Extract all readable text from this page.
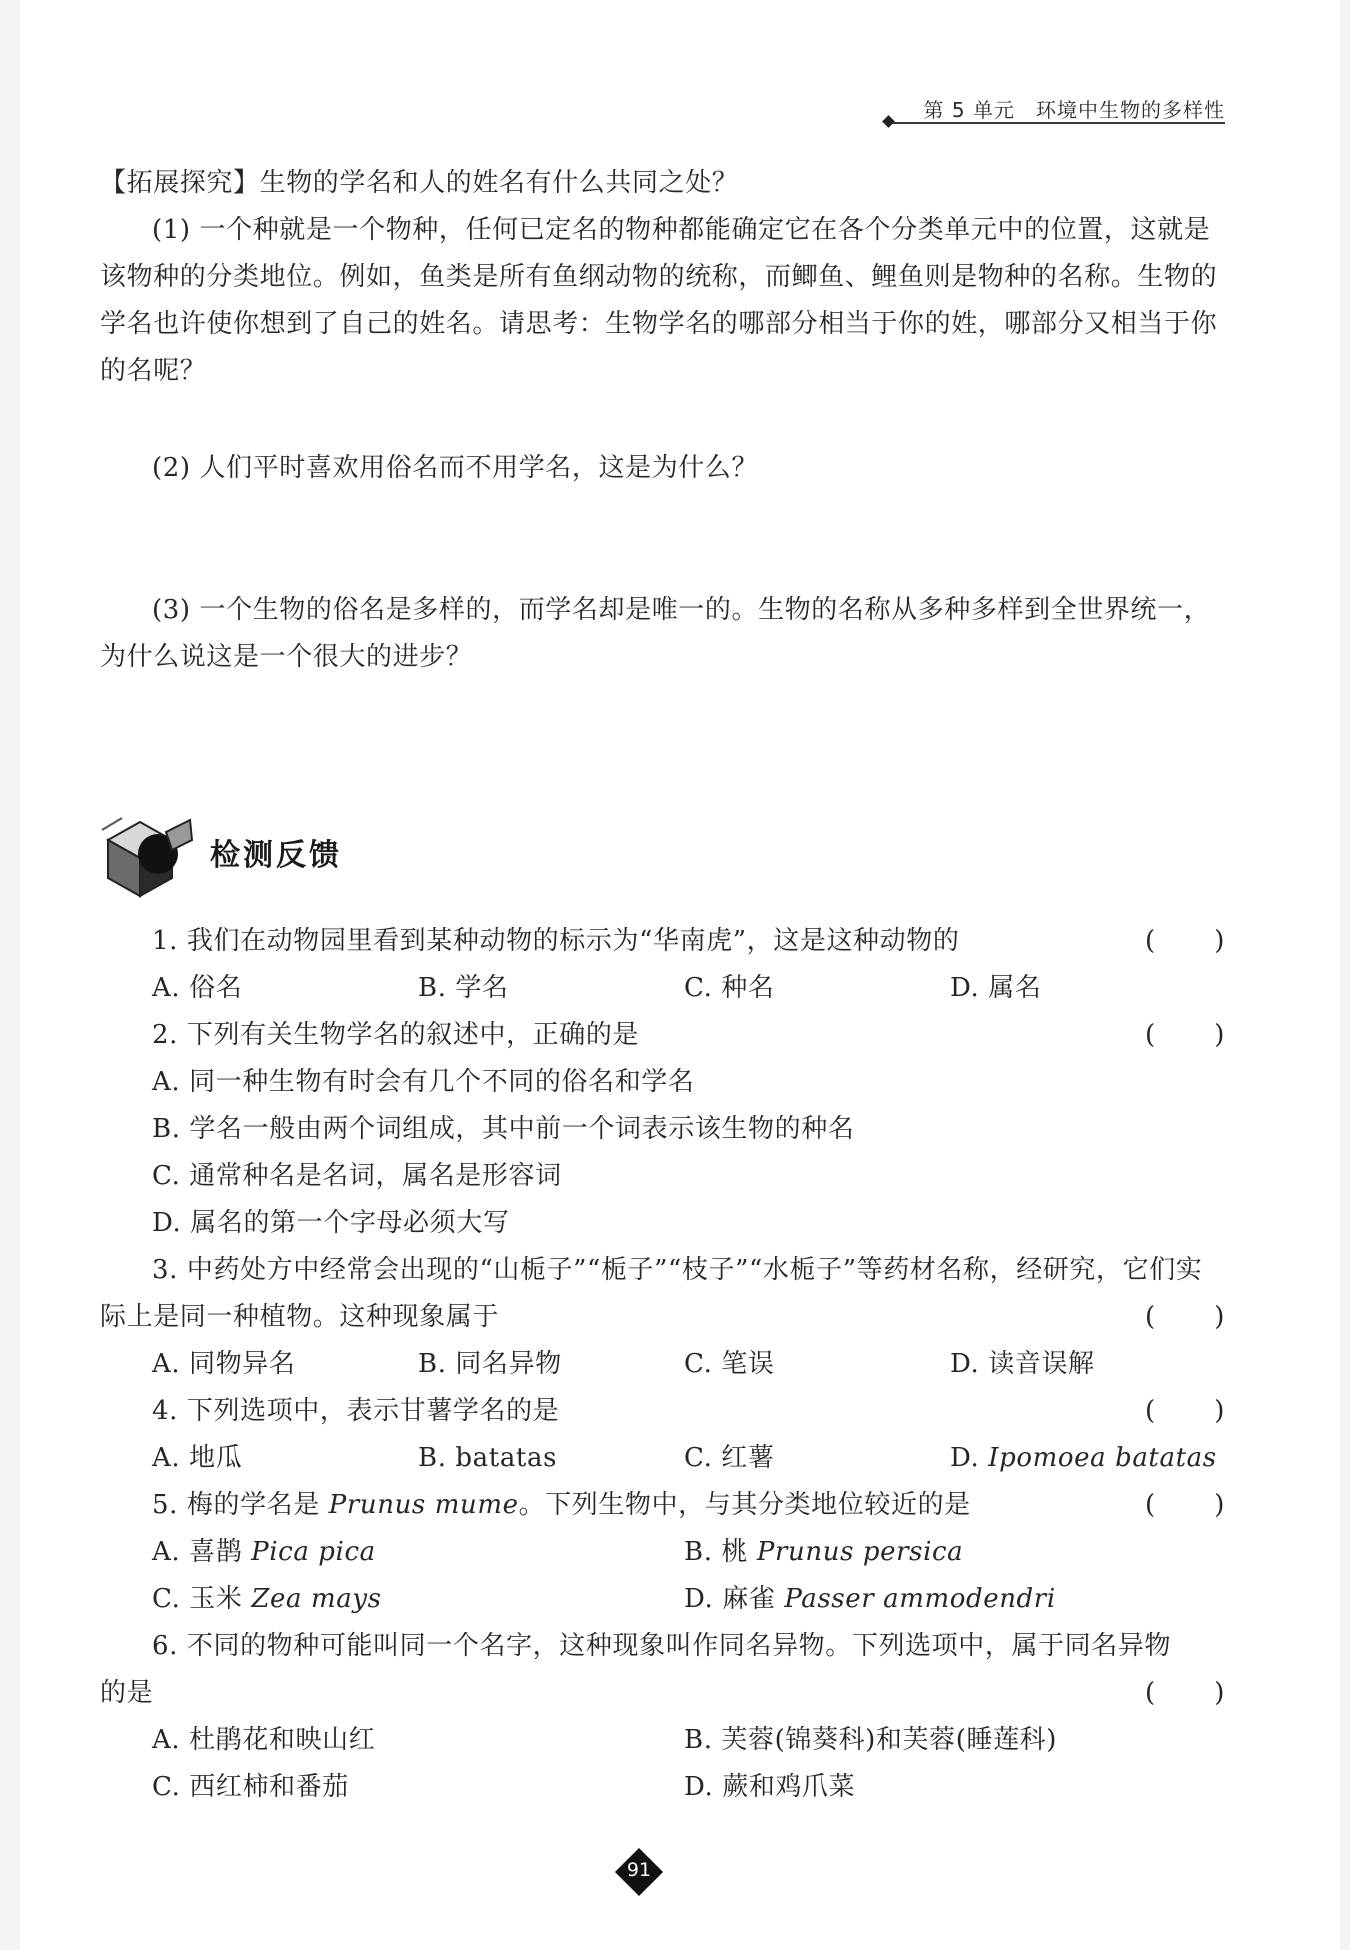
第 5 单元　环境中生物的多样性

【拓展探究】生物的学名和人的姓名有什么共同之处？

(1) 一个种就是一个物种，任何已定名的物种都能确定它在各个分类单元中的位置，这就是该物种的分类地位。例如，鱼类是所有鱼纲动物的统称，而鲫鱼、鲤鱼则是物种的名称。生物的学名也许使你想到了自己的姓名。请思考：生物学名的哪部分相当于你的姓，哪部分又相当于你的名呢？

(2) 人们平时喜欢用俗名而不用学名，这是为什么？

(3) 一个生物的俗名是多样的，而学名却是唯一的。生物的名称从多种多样到全世界统一，为什么说这是一个很大的进步？

检测反馈
1. 我们在动物园里看到某种动物的标示为“华南虎”，这是这种动物的	( )
A. 俗名	B. 学名	C. 种名	D. 属名
2. 下列有关生物学名的叙述中，正确的是	( )
A. 同一种生物有时会有几个不同的俗名和学名
B. 学名一般由两个词组成，其中前一个词表示该生物的种名
C. 通常种名是名词，属名是形容词
D. 属名的第一个字母必须大写
3. 中药处方中经常会出现的“山栀子”“栀子”“枝子”“水栀子”等药材名称，经研究，它们实
际上是同一种植物。这种现象属于	( )
A. 同物异名	B. 同名异物	C. 笔误	D. 读音误解
4. 下列选项中，表示甘薯学名的是	( )
A. 地瓜	B. batatas	C. 红薯	D. Ipomoea batatas
5. 梅的学名是 Prunus mume。下列生物中，与其分类地位较近的是	( )
A. 喜鹊 Pica pica	B. 桃 Prunus persica
C. 玉米 Zea mays	D. 麻雀 Passer ammodendri
6. 不同的物种可能叫同一个名字，这种现象叫作同名异物。下列选项中，属于同名异物
的是	( )
A. 杜鹃花和映山红	B. 芙蓉(锦葵科)和芙蓉(睡莲科)
C. 西红柿和番茄	D. 蕨和鸡爪菜
91
